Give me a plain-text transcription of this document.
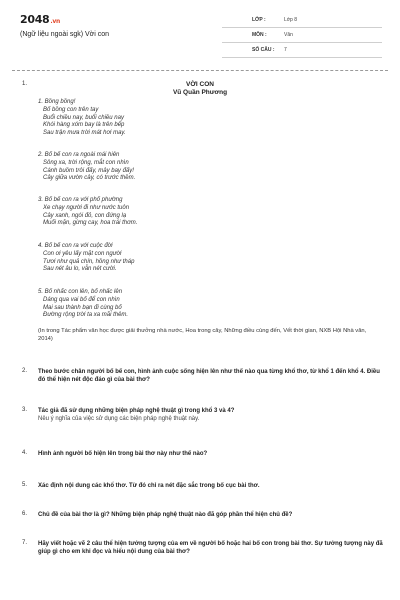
2048.vn
(Ngữ liệu ngoài sgk) Vời con
LỚP :	Lớp 8
MÔN :	Văn
SỐ CÂU : 7
1.	VỜI CON
Vũ Quần Phương
1. Bồng bồng!
Bố bồng con trên tay
Buổi chiều nay, buổi chiều nay
Khói hàng xóm bay là trên bếp
Sau trận mưa trời mát hơi may.
2. Bố bế con ra ngoài mái hiên
Sông xa, trời rộng, mắt con nhìn
Cánh buồm trôi đấy, mây bay đấy!
Cây giữa vườn cây, có trước thềm.
3. Bố bế con ra với phố phường
Xe chạy người đi như nước tuôn
Cây xanh, ngói đỏ, con đứng lạ
Muối mặn, gừng cay, hoa trái thơm.
4. Bố bế con ra với cuộc đời
Con ơi yêu lấy mặt con người
Tươi như quả chín, hồng như tháp
Sau nét âu lo, vẫn nét cười.
5. Bố nhấc con lên, bố nhấc lên
Dáng qua vai bố để con nhìn
Mai sau thành bạn đi cùng bố
Đường rộng trời ta xa mãi thêm.
(In trong Tác phẩm văn học được giải thưởng nhà nước, Hoa trong cây, Những điều cùng đến, Vết thời gian, NXB Hội Nhà văn, 2014)
2. Theo bước chân người bố bế con, hình ảnh cuộc sống hiện lên như thế nào qua từng khổ thơ, từ khổ 1 đến khổ 4. Điều đó thể hiện nét độc đáo gì của bài thơ?
3. Tác giả đã sử dụng những biện pháp nghệ thuật gì trong khổ 3 và 4?
Nêu ý nghĩa của việc sử dụng các biện pháp nghệ thuật này.
4. Hình ảnh người bố hiện lên trong bài thơ này như thế nào?
5. Xác định nội dung các khổ thơ. Từ đó chỉ ra nét đặc sắc trong bố cục bài thơ.
6. Chủ đề của bài thơ là gì? Những biện pháp nghệ thuật nào đã góp phần thể hiện chủ đề?
7. Hãy viết hoặc vẽ 2 câu thể hiện tưởng tượng của em về người bố hoặc hai bố con trong bài thơ. Sự tưởng tượng này đã giúp gì cho em khi đọc và hiểu nội dung của bài thơ?
